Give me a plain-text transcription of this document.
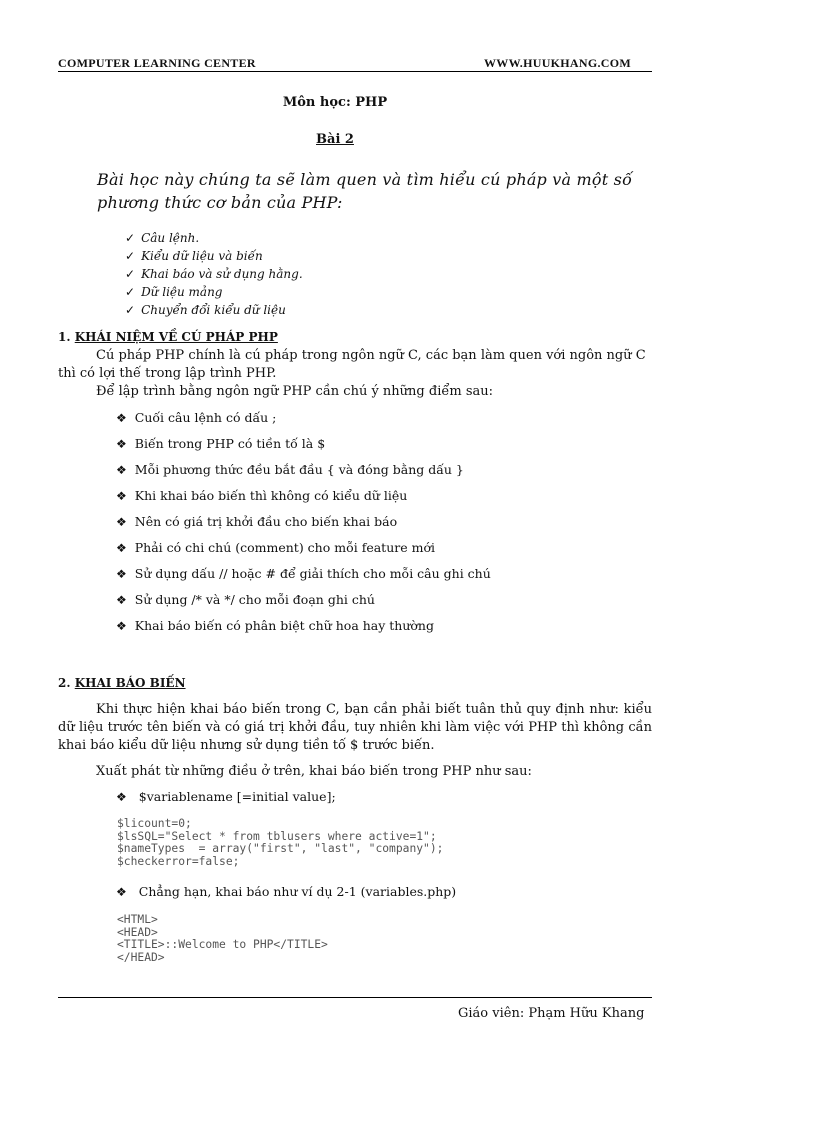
COMPUTER LEARNING CENTER	WWW.HUUKHANG.COM
Môn học: PHP
Bài 2
Bài học này chúng ta sẽ làm quen và tìm hiểu cú pháp và một số phương thức cơ bản của PHP:
✓ Câu lệnh.
✓ Kiểu dữ liệu và biến
✓ Khai báo và sử dụng hằng.
✓ Dữ liệu mảng
✓ Chuyển đổi kiểu dữ liệu
1. KHÁI NIỆM VỀ CÚ PHÁP PHP
Cú pháp PHP chính là cú pháp trong ngôn ngữ C, các bạn làm quen với ngôn ngữ C thì có lợi thế trong lập trình PHP.
Để lập trình bằng ngôn ngữ PHP cần chú ý những điểm sau:
❖ Cuối câu lệnh có dấu ;
❖ Biến trong PHP có tiền tố là $
❖ Mỗi phương thức đều bắt đầu { và đóng bằng dấu }
❖ Khi khai báo biến thì không có kiểu dữ liệu
❖ Nên có giá trị khởi đầu cho biến khai báo
❖ Phải có chi chú (comment) cho mỗi feature mới
❖ Sử dụng dấu // hoặc # để giải thích cho mỗi câu ghi chú
❖ Sử dụng /* và */ cho mỗi đoạn ghi chú
❖ Khai báo biến có phân biệt chữ hoa hay thường
2. KHAI BÁO BIẾN
Khi thực hiện khai báo biến trong C, bạn cần phải biết tuân thủ quy định như: kiểu dữ liệu trước tên biến và có giá trị khởi đầu, tuy nhiên khi làm việc với PHP thì không cần khai báo kiểu dữ liệu nhưng sử dụng tiền tố $ trước biến.
Xuất phát từ những điều ở trên, khai báo biến trong PHP như sau:
❖ $variablename [=initial value];
$licount=0;
$lsSQL="Select * from tblusers where active=1";
$nameTypes  = array("first", "last", "company");
$checkerror=false;
❖ Chẳng hạn, khai báo như ví dụ 2-1 (variables.php)
<HTML>
<HEAD>
<TITLE>::Welcome to PHP</TITLE>
</HEAD>
Giáo viên: Phạm Hữu Khang
